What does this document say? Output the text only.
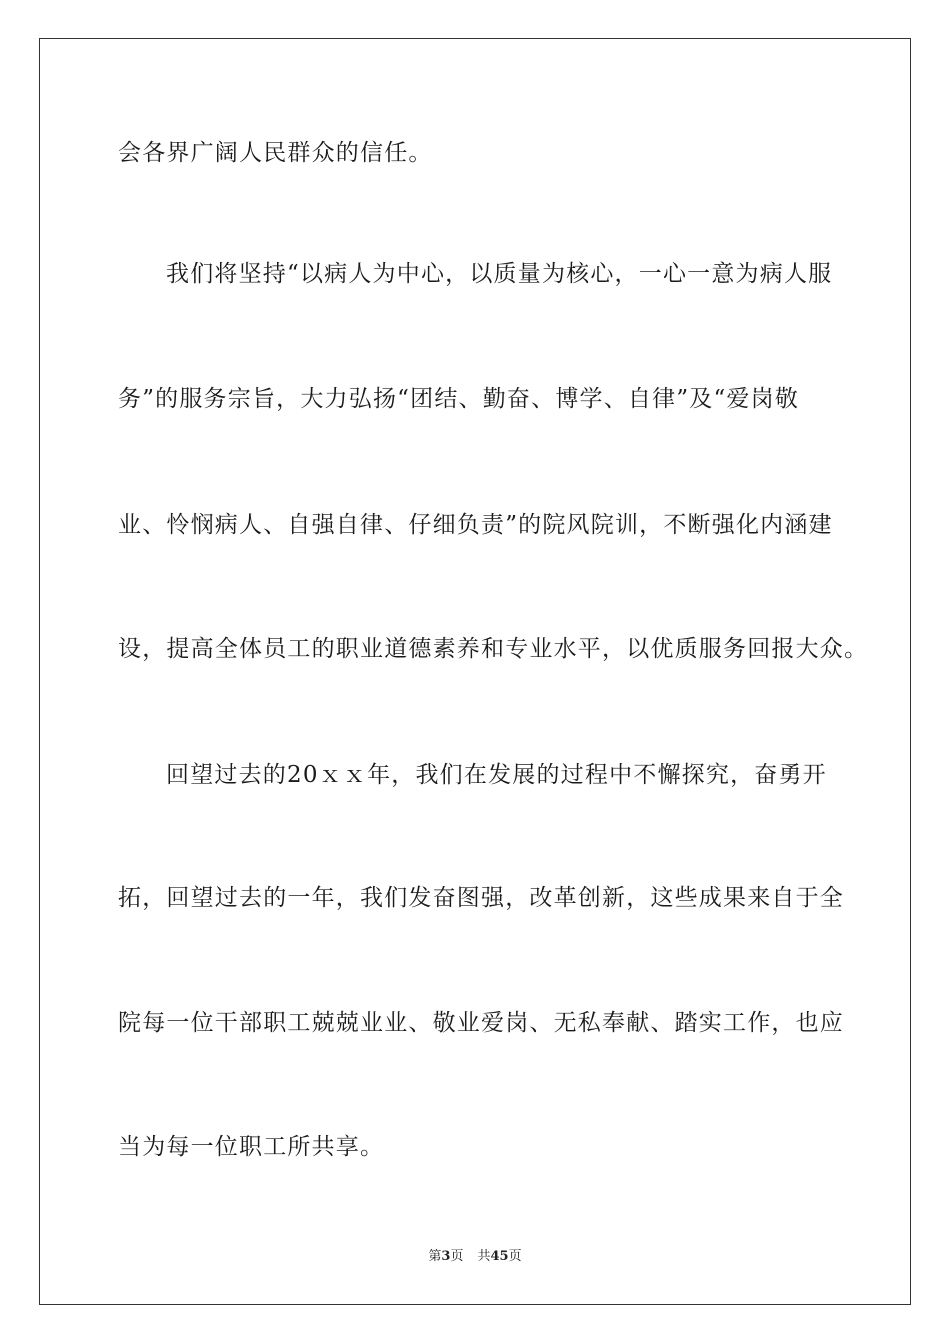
会各界广阔人民群众的信任。
我们将坚持“以病人为中心，以质量为核心，一心一意为病人服
务”的服务宗旨，大力弘扬“团结、勤奋、博学、自律”及“爱岗敬
业、怜悯病人、自强自律、仔细负责”的院风院训，不断强化内涵建
设，提高全体员工的职业道德素养和专业水平，以优质服务回报大众。
回望过去的20ｘｘ年，我们在发展的过程中不懈探究，奋勇开
拓，回望过去的一年，我们发奋图强，改革创新，这些成果来自于全
院每一位干部职工兢兢业业、敬业爱岗、无私奉献、踏实工作，也应
当为每一位职工所共享。
第3页 共45页
